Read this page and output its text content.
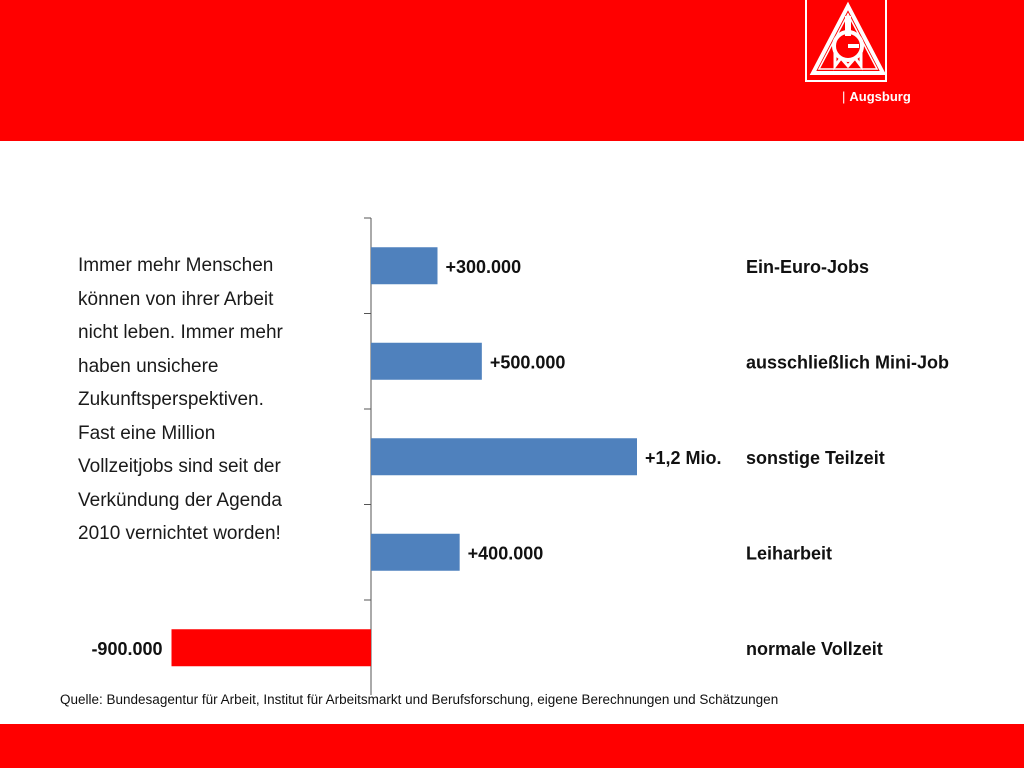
| Augsburg
Immer mehr Menschen
können von ihrer Arbeit
nicht leben. Immer mehr
haben unsichere
Zukunftsperspektiven.
Fast eine Million
Vollzeitjobs sind seit der
Verkündung der Agenda
2010 vernichtet worden!
+300.000	Ein-Euro-Jobs
+500.000	ausschließlich Mini-Job
+1,2 Mio. sonstige Teilzeit
+400.000	Leiharbeit
-900.000	normale Vollzeit
Quelle: Bundesagentur für Arbeit, Institut für Arbeitsmarkt und Berufsforschung, eigene Berechnungen und Schätzungen
